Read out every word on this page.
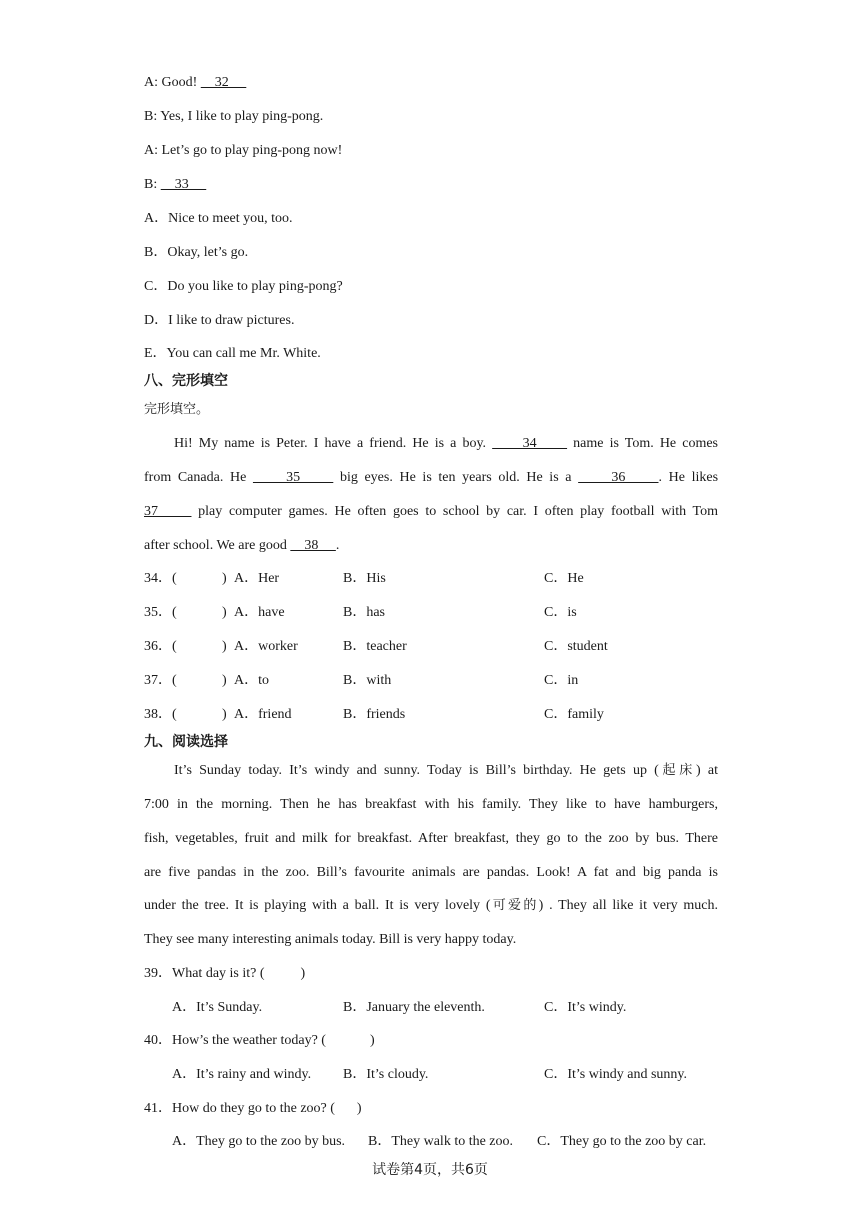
A: Good!     32
B: Yes, I like to play ping-pong.
A: Let’s go to play ping-pong now!
B:     33
A．Nice to meet you, too.
B．Okay, let’s go.
C．Do you like to play ping-pong?
D．I like to draw pictures.
E．You can call me Mr. White.
八、完形填空
完形填空。
Hi! My name is Peter. I have a friend. He is a boy.      34      name is Tom. He comes
from Canada. He      35      big eyes. He is ten years old. He is a      36     . He likes
37      play computer games. He often goes to school by car. I often play football with Tom
after school. We are good     38     .
34．(	) A．Her	B．His	C．He
35．(	) A．have	B．has	C．is
36．(	) A．worker	B．teacher	C．student
37．(	) A．to	B．with	C．in
38．(	) A．friend	B．friends	C．family
九、阅读选择
It’s Sunday today. It’s windy and sunny. Today is Bill’s birthday. He gets up (起床) at
7:00 in the morning. Then he has breakfast with his family. They like to have hamburgers,
fish, vegetables, fruit and milk for breakfast. After breakfast, they go to the zoo by bus. There
are five pandas in the zoo. Bill’s favourite animals are pandas. Look! A fat and big panda is
under the tree. It is playing with a ball. It is very lovely (可爱的) . They all like it very much.
They see many interesting animals today. Bill is very happy today.
39．What day is it? (	)
A．It’s Sunday.	B．January the eleventh.	C．It’s windy.
40．How’s the weather today? (	)
A．It’s rainy and windy. B．It’s cloudy.	C．It’s windy and sunny.
41．How do they go to the zoo? ( )
A．They go to the zoo by bus. B．They walk to the zoo. C．They go to the zoo by car.
试卷第4页，共6页
